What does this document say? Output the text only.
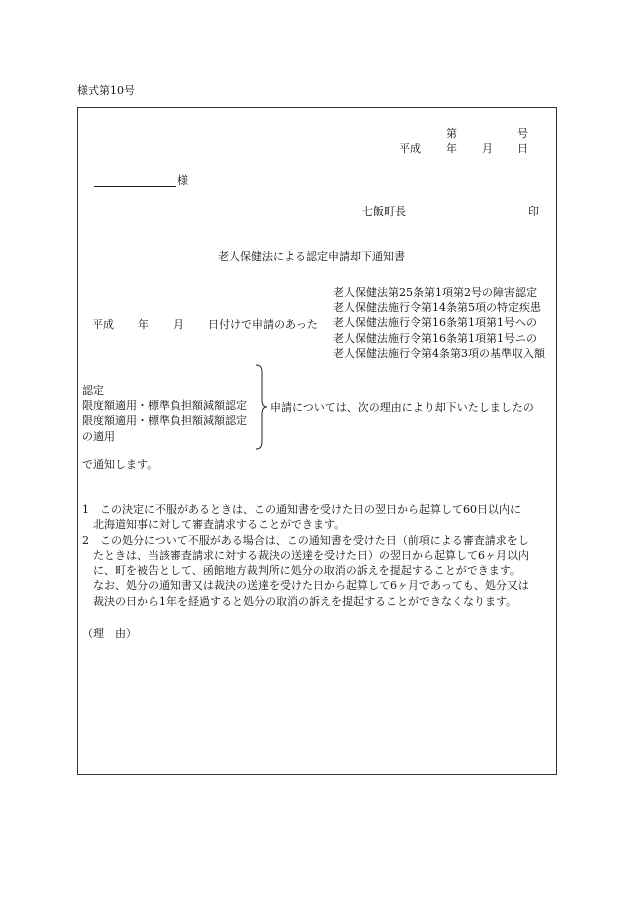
様式第10号
第	号
平成 年 月 日
様
七飯町長	印
老人保健法による認定申請却下通知書
平成 年 月 日付けで申請のあった
老人保健法第25条第1項第2号の障害認定
老人保健法施行令第14条第5項の特定疾患
老人保健法施行令第16条第1項第1号への
老人保健法施行令第16条第1項第1号ニの
老人保健法施行令第4条第3項の基準収入額
認定
限度額適用・標準負担額減額認定
限度額適用・標準負担額減額認定
の適用
申請については、次の理由により却下いたしましたの
で通知します。

1　この決定に不服があるときは、この通知書を受けた日の翌日から起算して60日以内に

　北海道知事に対して審査請求することができます。

2　この処分について不服がある場合は、この通知書を受けた日（前項による審査請求をし

　たときは、当該審査請求に対する裁決の送達を受けた日）の翌日から起算して6ヶ月以内

　に、町を被告として、函館地方裁判所に処分の取消の訴えを提起することができます。

　なお、処分の通知書又は裁決の送達を受けた日から起算して6ヶ月であっても、処分又は

　裁決の日から1年を経過すると処分の取消の訴えを提起することができなくなります。

（理　由）
